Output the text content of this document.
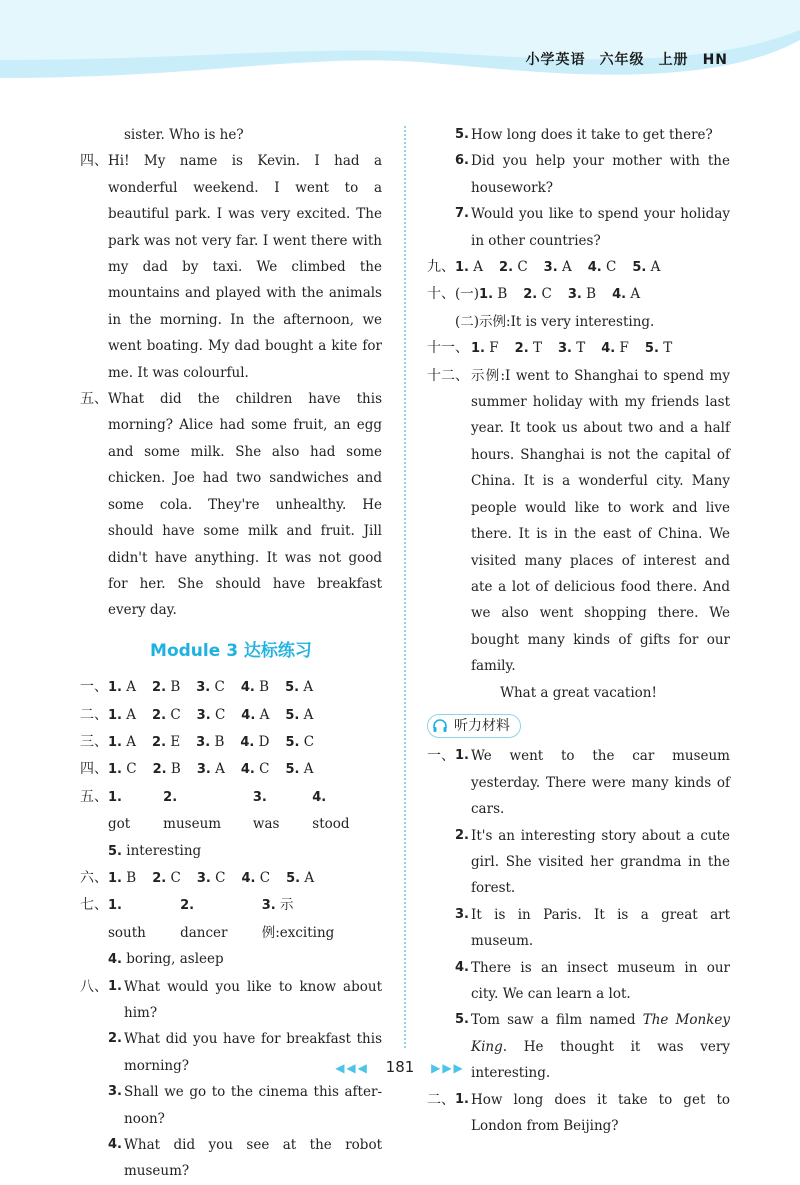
小学英语 六年级 上册 HN
sister. Who is he?
四、 Hi! My name is Kevin. I had a wonderful weekend. I went to a beautiful park. I was very excited. The park was not very far. I went there with my dad by taxi. We climbed the mountains and played with the animals in the morning. In the afternoon, we went boating. My dad bought a kite for me. It was colourful.
五、 What did the children have this morning? Alice had some fruit, an egg and some milk. She also had some chicken. Joe had two sandwiches and some cola. They're unhealthy. He should have some milk and fruit. Jill didn't have anything. It was not good for her. She should have breakfast every day.
Module 3 达标练习
一、 1. A 2. B 3. C 4. B 5. A
二、 1. A 2. C 3. C 4. A 5. A
三、 1. A 2. E 3. B 4. D 5. C
四、 1. C 2. B 3. A 4. C 5. A
五、 1. got
2. museum
3. was
4. stood
5. interesting
六、 1. B 2. C 3. C 4. C 5. A
七、 1. south
2. dancer
3. 示例:exciting
4. boring, asleep
八、 1. What would you like to know about him?
2. What did you have for breakfast this morning?
3. Shall we go to the cinema this afternoon?
4. What did you see at the robot museum?
5. How long does it take to get there?
6. Did you help your mother with the housework?
7. Would you like to spend your holiday in other countries?
九、 1. A 2. C 3. A 4. C 5. A
十、 (一) 1. B 2. C 3. B 4. A
(二)示例:It is very interesting.
十一、 1. F 2. T 3. T 4. F 5. T
十二、 示例:I went to Shanghai to spend my summer holiday with my friends last year. It took us about two and a half hours. Shanghai is not the capital of China. It is a wonderful city. Many people would like to work and live there. It is in the east of China. We visited many places of interest and ate a lot of delicious food there. And we also went shopping there. We bought many kinds of gifts for our family.
What a great vacation!
听力材料
一、 1. We went to the car museum yesterday. There were many kinds of cars.
2. It's an interesting story about a cute girl. She visited her grandma in the forest.
3. It is in Paris. It is a great art museum.
4. There is an insect museum in our city. We can learn a lot.
5. Tom saw a film named The Monkey King. He thought it was very interesting.
二、 1. How long does it take to get to London from Beijing?
◀◀◀ 181 ▶▶▶
